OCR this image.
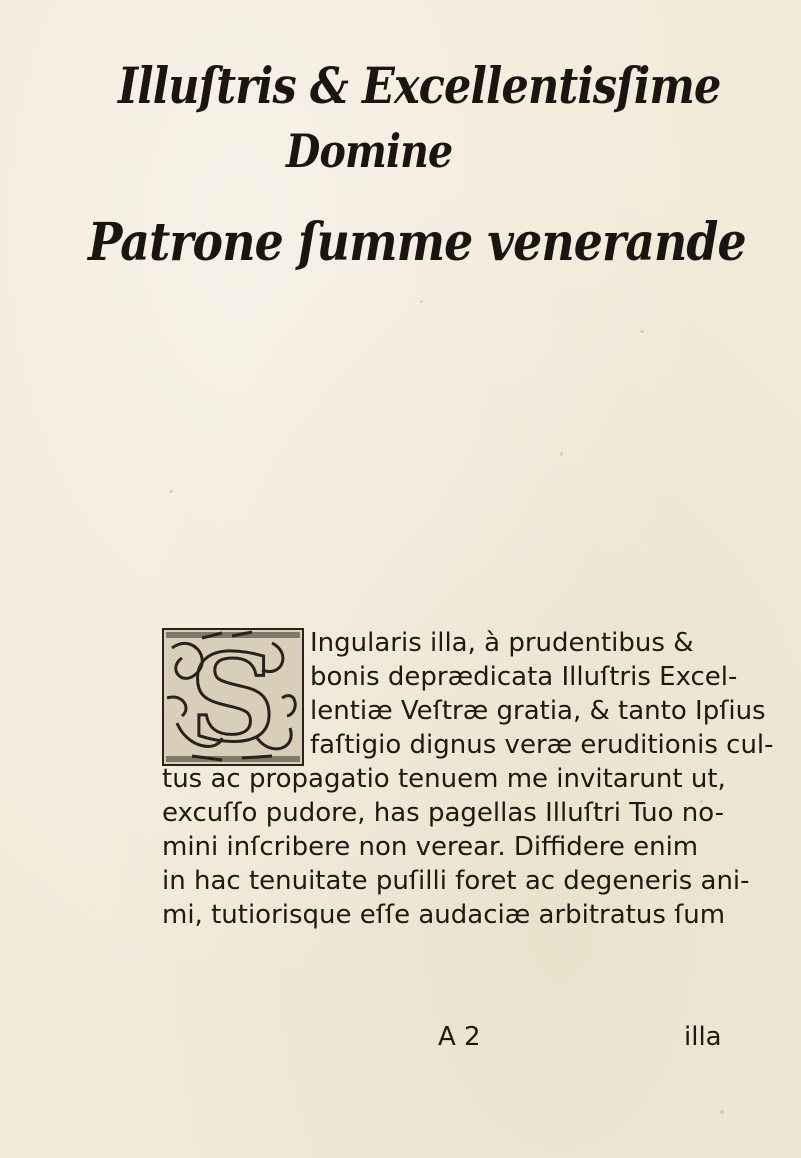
Illuſtris & Excellentisſime
Domine
Patrone ſumme venerande
S Ingularis illa, à prudentibus &
bonis deprædicata Illuſtris Excel-
lentiæ Veſtræ gratia, & tanto Ipſius
faſtigio dignus veræ eruditionis cul-
tus ac propagatio tenuem me invitarunt ut,
excuſſo pudore, has pagellas Illuſtri Tuo no-
mini inſcribere non verear. Diffidere enim
in hac tenuitate puſilli foret ac degeneris ani-
mi, tutiorisque eſſe audaciæ arbitratus ſum
A 2	illa
